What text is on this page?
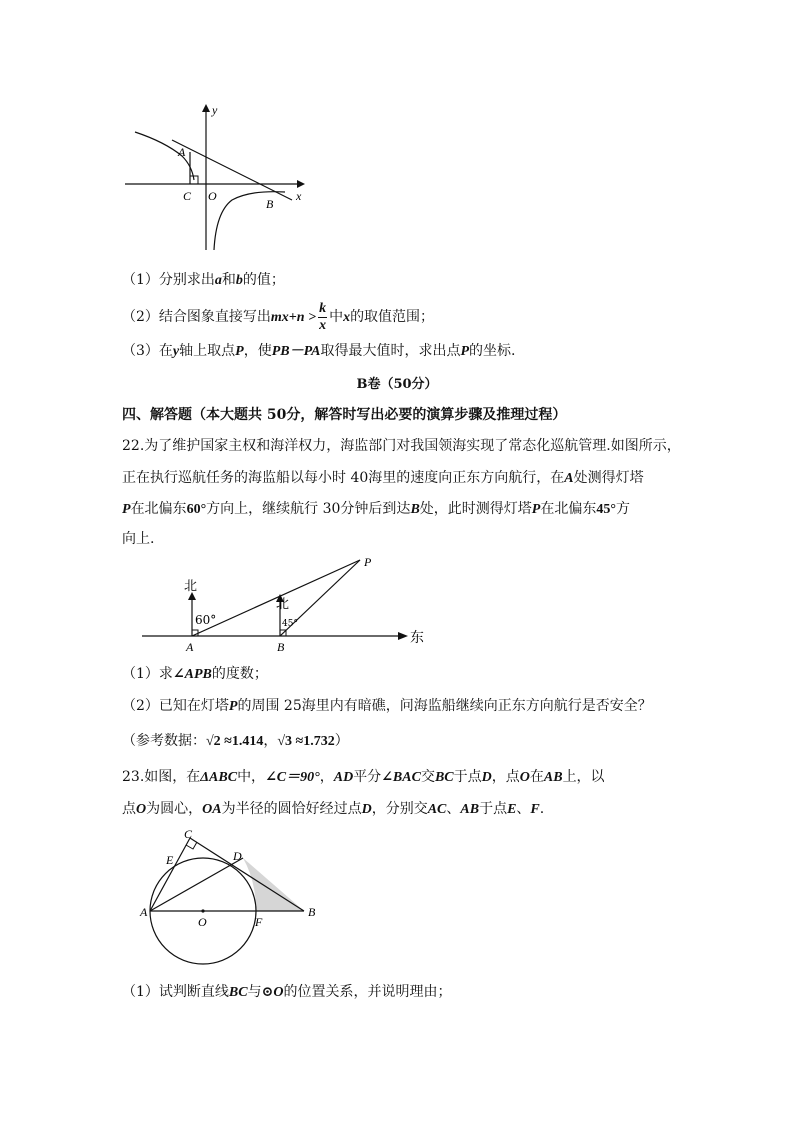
y
x
A
C O
B
（1）分别求出a和b的值；
（2）结合图象直接写出$mx+n > \frac{k}{x}$ 中x的取值范围；
（3）在y轴上取点P，使PB－PA取得最大值时，求出点P的坐标.
B卷（50分）
四、解答题（本大题共 50分，解答时写出必要的演算步骤及推理过程）
22.为了维护国家主权和海洋权力，海监部门对我国领海实现了常态化巡航管理.如图所示，
正在执行巡航任务的海监船以每小时 40海里的速度向正东方向航行，在A处测得灯塔
P在北偏东60°方向上，继续航行 30分钟后到达B处，此时测得灯塔P在北偏东45°方
向上.
北
北
60°	45°
A	B
P
东
（1）求∠APB的度数；
（2）已知在灯塔P的周围 25海里内有暗礁，问海监船继续向正东方向航行是否安全？
（参考数据：√2 ≈1.414，√3 ≈1.732）
23.如图，在ΔABC中，∠C＝90°，AD平分∠BAC交BC于点D，点O在AB上，以
点O为圆心，OA为半径的圆恰好经过点D，分别交AC、AB于点E、F.
C
E	D
A
O	F
B
（1）试判断直线BC与⊙O的位置关系，并说明理由；
